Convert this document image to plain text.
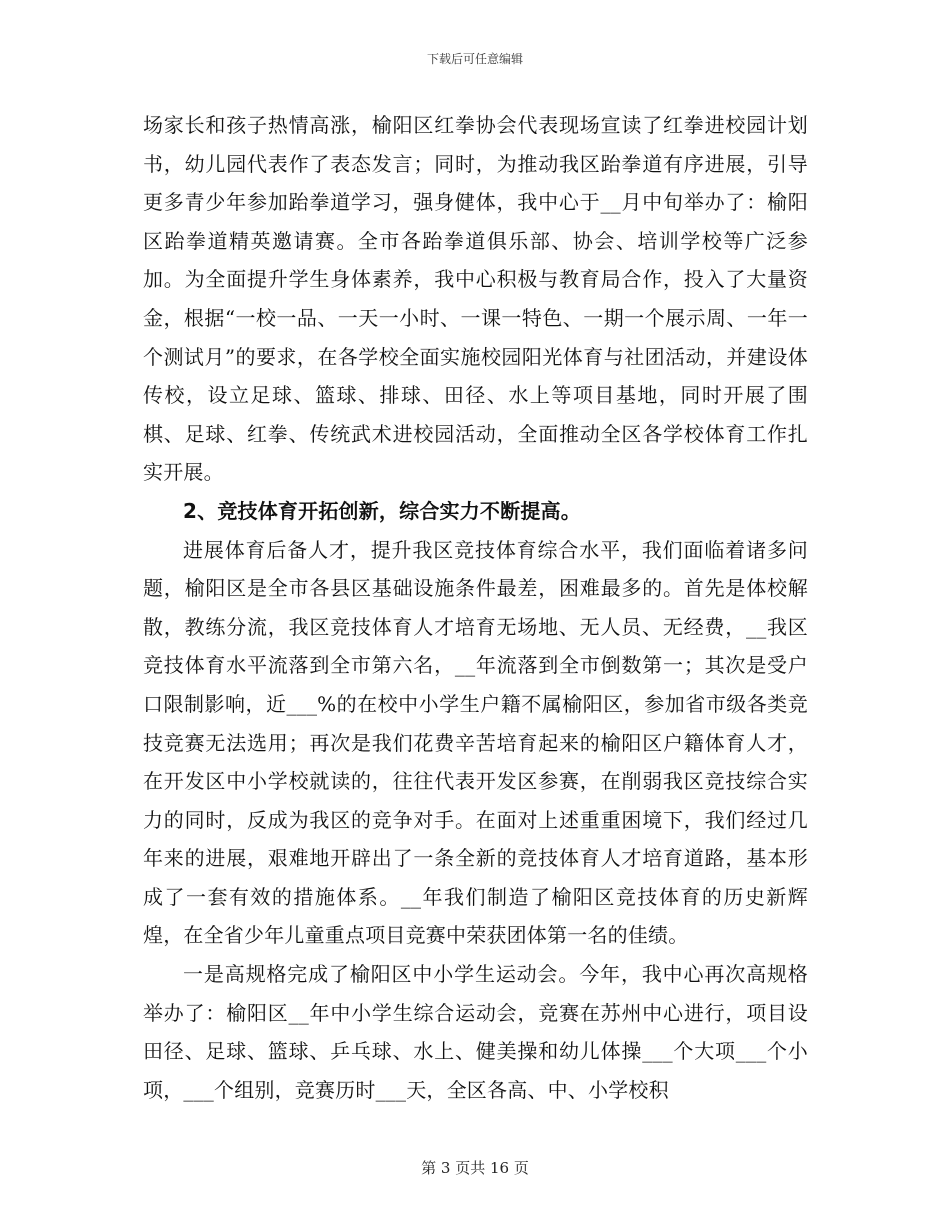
下载后可任意编辑

场家长和孩子热情高涨，榆阳区红拳协会代表现场宣读了红拳进校园计划书，幼儿园代表作了表态发言；同时，为推动我区跆拳道有序进展，引导更多青少年参加跆拳道学习，强身健体，我中心于__月中旬举办了：榆阳区跆拳道精英邀请赛。全市各跆拳道俱乐部、协会、培训学校等广泛参加。为全面提升学生身体素养，我中心积极与教育局合作，投入了大量资金，根据“一校一品、一天一小时、一课一特色、一期一个展示周、一年一个测试月”的要求，在各学校全面实施校园阳光体育与社团活动，并建设体传校，设立足球、篮球、排球、田径、水上等项目基地，同时开展了围棋、足球、红拳、传统武术进校园活动，全面推动全区各学校体育工作扎实开展。

2、竞技体育开拓创新，综合实力不断提高。

进展体育后备人才，提升我区竞技体育综合水平，我们面临着诸多问题，榆阳区是全市各县区基础设施条件最差，困难最多的。首先是体校解散，教练分流，我区竞技体育人才培育无场地、无人员、无经费，__我区竞技体育水平流落到全市第六名，__年流落到全市倒数第一；其次是受户口限制影响，近___%的在校中小学生户籍不属榆阳区，参加省市级各类竞技竞赛无法选用；再次是我们花费辛苦培育起来的榆阳区户籍体育人才，在开发区中小学校就读的，往往代表开发区参赛，在削弱我区竞技综合实力的同时，反成为我区的竞争对手。在面对上述重重困境下，我们经过几年来的进展，艰难地开辟出了一条全新的竞技体育人才培育道路，基本形成了一套有效的措施体系。__年我们制造了榆阳区竞技体育的历史新辉煌，在全省少年儿童重点项目竞赛中荣获团体第一名的佳绩。

一是高规格完成了榆阳区中小学生运动会。今年，我中心再次高规格举办了：榆阳区__年中小学生综合运动会，竞赛在苏州中心进行，项目设田径、足球、篮球、乒乓球、水上、健美操和幼儿体操___个大项___个小项，___个组别，竞赛历时___天，全区各高、中、小学校积

第 3 页共 16 页
